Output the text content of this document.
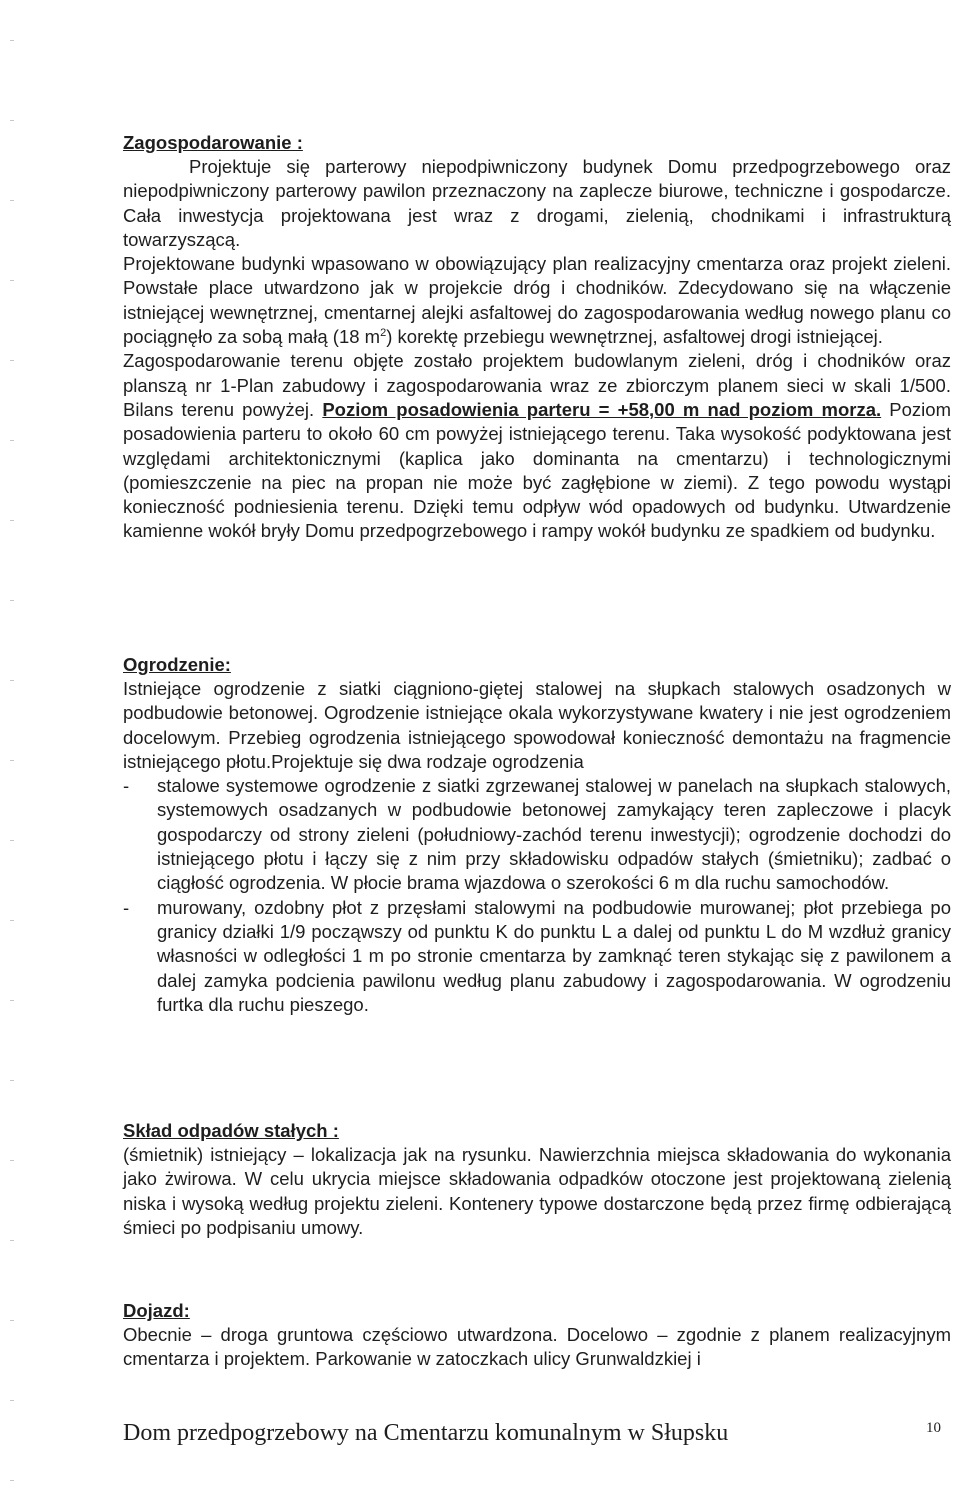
Zagospodarowanie :

Projektuje się parterowy niepodpiwniczony budynek Domu przedpogrzebowego oraz niepodpiwniczony parterowy pawilon przeznaczony na zaplecze biurowe, techniczne i gospodarcze. Cała inwestycja projektowana jest wraz z drogami, zielenią, chodnikami i infrastrukturą towarzyszącą.

Projektowane budynki wpasowano w obowiązujący plan realizacyjny cmentarza oraz projekt zieleni. Powstałe place utwardzono jak w projekcie dróg i chodników. Zdecydowano się na włączenie istniejącej wewnętrznej, cmentarnej alejki asfaltowej do zagospodarowania według nowego planu co pociągnęło za sobą małą (18 $m^2$) korektę przebiegu wewnętrznej, asfaltowej drogi istniejącej.

Zagospodarowanie terenu objęte zostało projektem budowlanym zieleni, dróg i chodników oraz planszą nr 1-Plan zabudowy i zagospodarowania wraz ze zbiorczym planem sieci w skali 1/500. Bilans terenu powyżej. Poziom posadowienia parteru = +58,00 m nad poziom morza. Poziom posadowienia parteru to około 60 cm powyżej istniejącego terenu. Taka wysokość podyktowana jest względami architektonicznymi (kaplica jako dominanta na cmentarzu) i technologicznymi (pomieszczenie na piec na propan nie może być zagłębione w ziemi). Z tego powodu wystąpi konieczność podniesienia terenu. Dzięki temu odpływ wód opadowych od budynku. Utwardzenie kamienne wokół bryły Domu przedpogrzebowego i rampy wokół budynku ze spadkiem od budynku.

Ogrodzenie:

Istniejące ogrodzenie z siatki ciągniono-giętej stalowej na słupkach stalowych osadzonych w podbudowie betonowej. Ogrodzenie istniejące okala wykorzystywane kwatery i nie jest ogrodzeniem docelowym. Przebieg ogrodzenia istniejącego spowodował konieczność demontażu na fragmencie istniejącego płotu.Projektuje się dwa rodzaje ogrodzenia

- stalowe systemowe ogrodzenie z siatki zgrzewanej stalowej w panelach na słupkach stalowych, systemowych osadzanych w podbudowie betonowej zamykający teren zapleczowe i placyk gospodarczy od strony zieleni (południowy-zachód terenu inwestycji); ogrodzenie dochodzi do istniejącego płotu i łączy się z nim przy składowisku odpadów stałych (śmietniku); zadbać o ciągłość ogrodzenia. W płocie brama wjazdowa o szerokości 6 m dla ruchu samochodów.
- murowany, ozdobny płot z przęsłami stalowymi na podbudowie murowanej; płot przebiega po granicy działki 1/9 począwszy od punktu K do punktu L a dalej od punktu L do M wzdłuż granicy własności w odległości 1 m po stronie cmentarza by zamknąć teren stykając się z pawilonem a dalej zamyka podcienia pawilonu według planu zabudowy i zagospodarowania. W ogrodzeniu furtka dla ruchu pieszego.

Skład odpadów stałych :

(śmietnik) istniejący – lokalizacja jak na rysunku. Nawierzchnia miejsca składowania do wykonania jako żwirowa. W celu ukrycia miejsce składowania odpadków otoczone jest projektowaną zielenią niska i wysoką według projektu zieleni. Kontenery typowe dostarczone będą przez firmę odbierającą śmieci po podpisaniu umowy.

Dojazd:

Obecnie – droga gruntowa częściowo utwardzona. Docelowo – zgodnie z planem realizacyjnym cmentarza i projektem. Parkowanie w zatoczkach ulicy Grunwaldzkiej i

Dom przedpogrzebowy na Cmentarzu komunalnym w Słupsku	10
